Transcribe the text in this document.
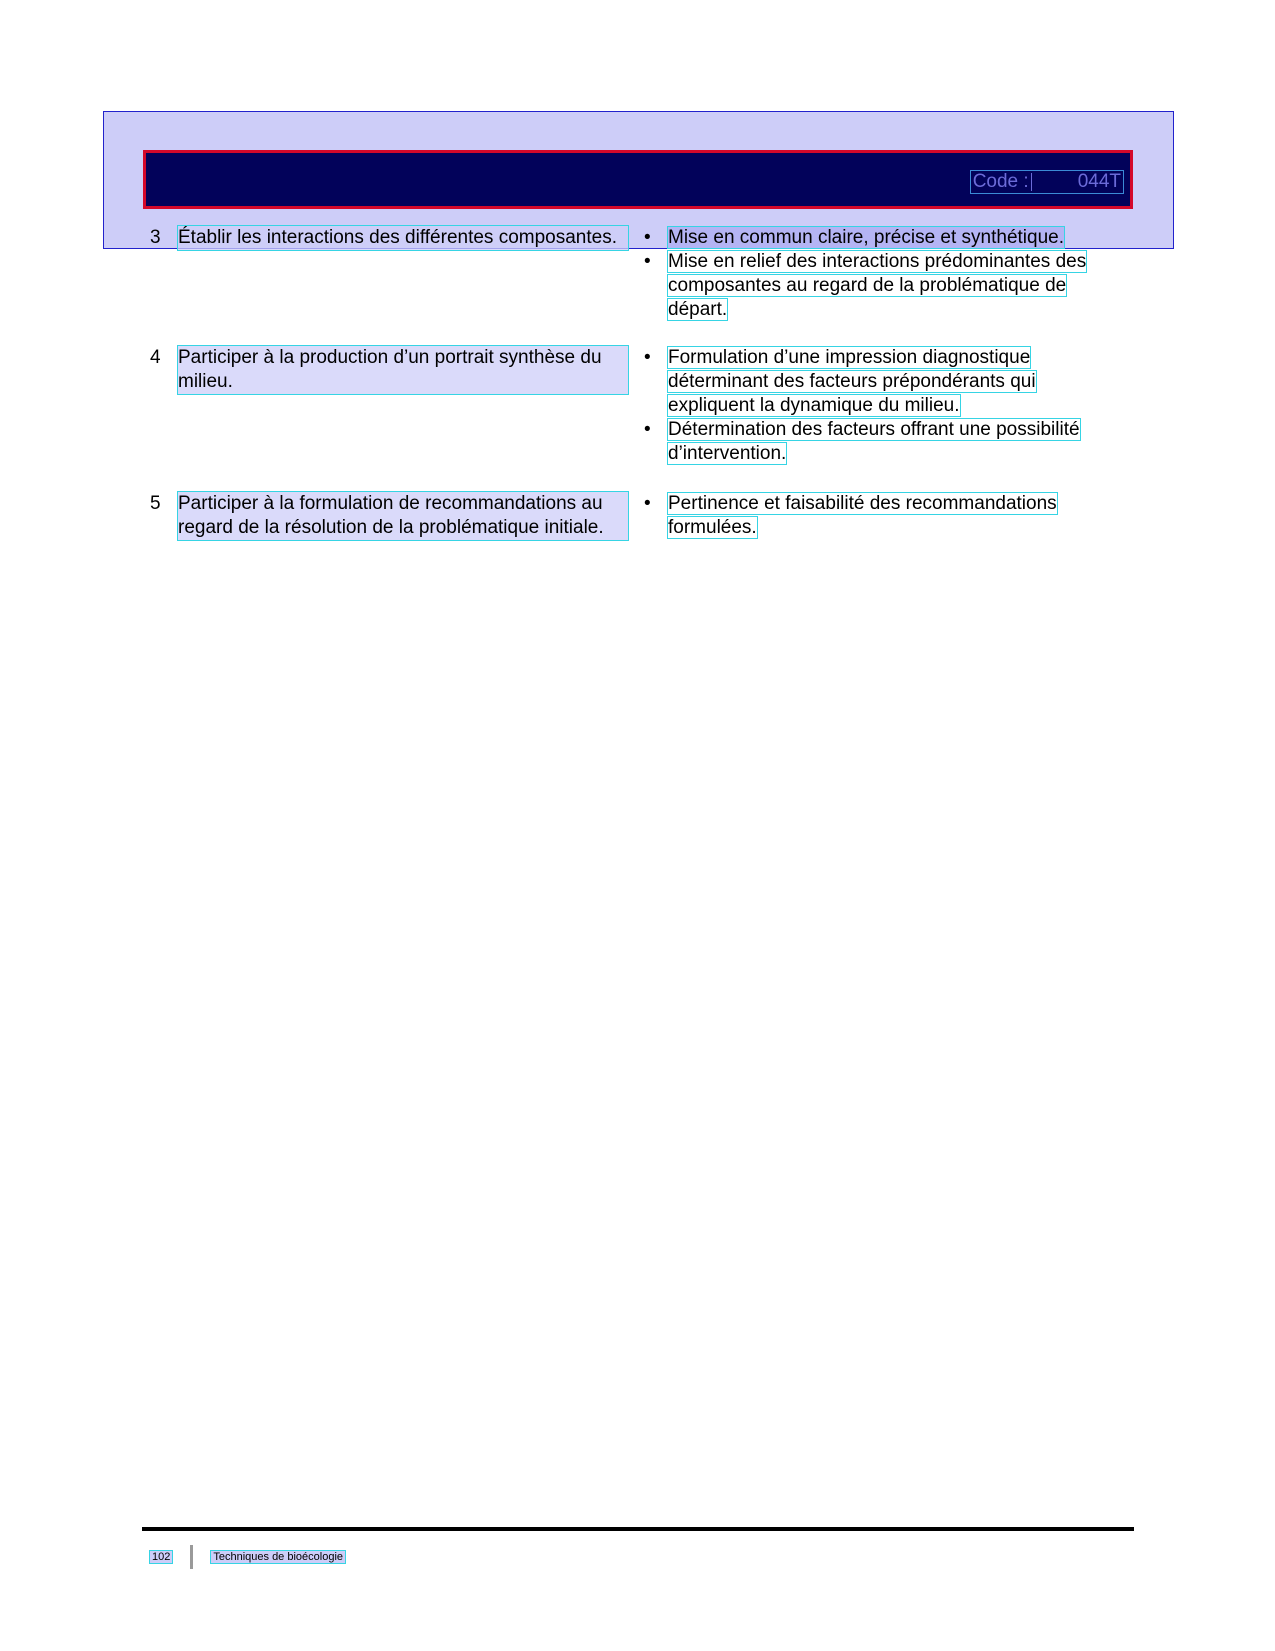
Code :	044T
3 Établir les interactions des différentes composantes.
•	Mise en commun claire, précise et synthétique.
• Mise en relief des interactions prédominantes des composantes au regard de la problématique de départ.
4 Participer à la production d’un portrait synthèse du milieu.
• Formulation d’une impression diagnostique déterminant des facteurs prépondérants qui expliquent la dynamique du milieu.
• Détermination des facteurs offrant une possibilité d’intervention.
5 Participer à la formulation de recommandations au regard de la résolution de la problématique initiale.
• Pertinence et faisabilité des recommandations formulées.
102	Techniques de bioécologie
